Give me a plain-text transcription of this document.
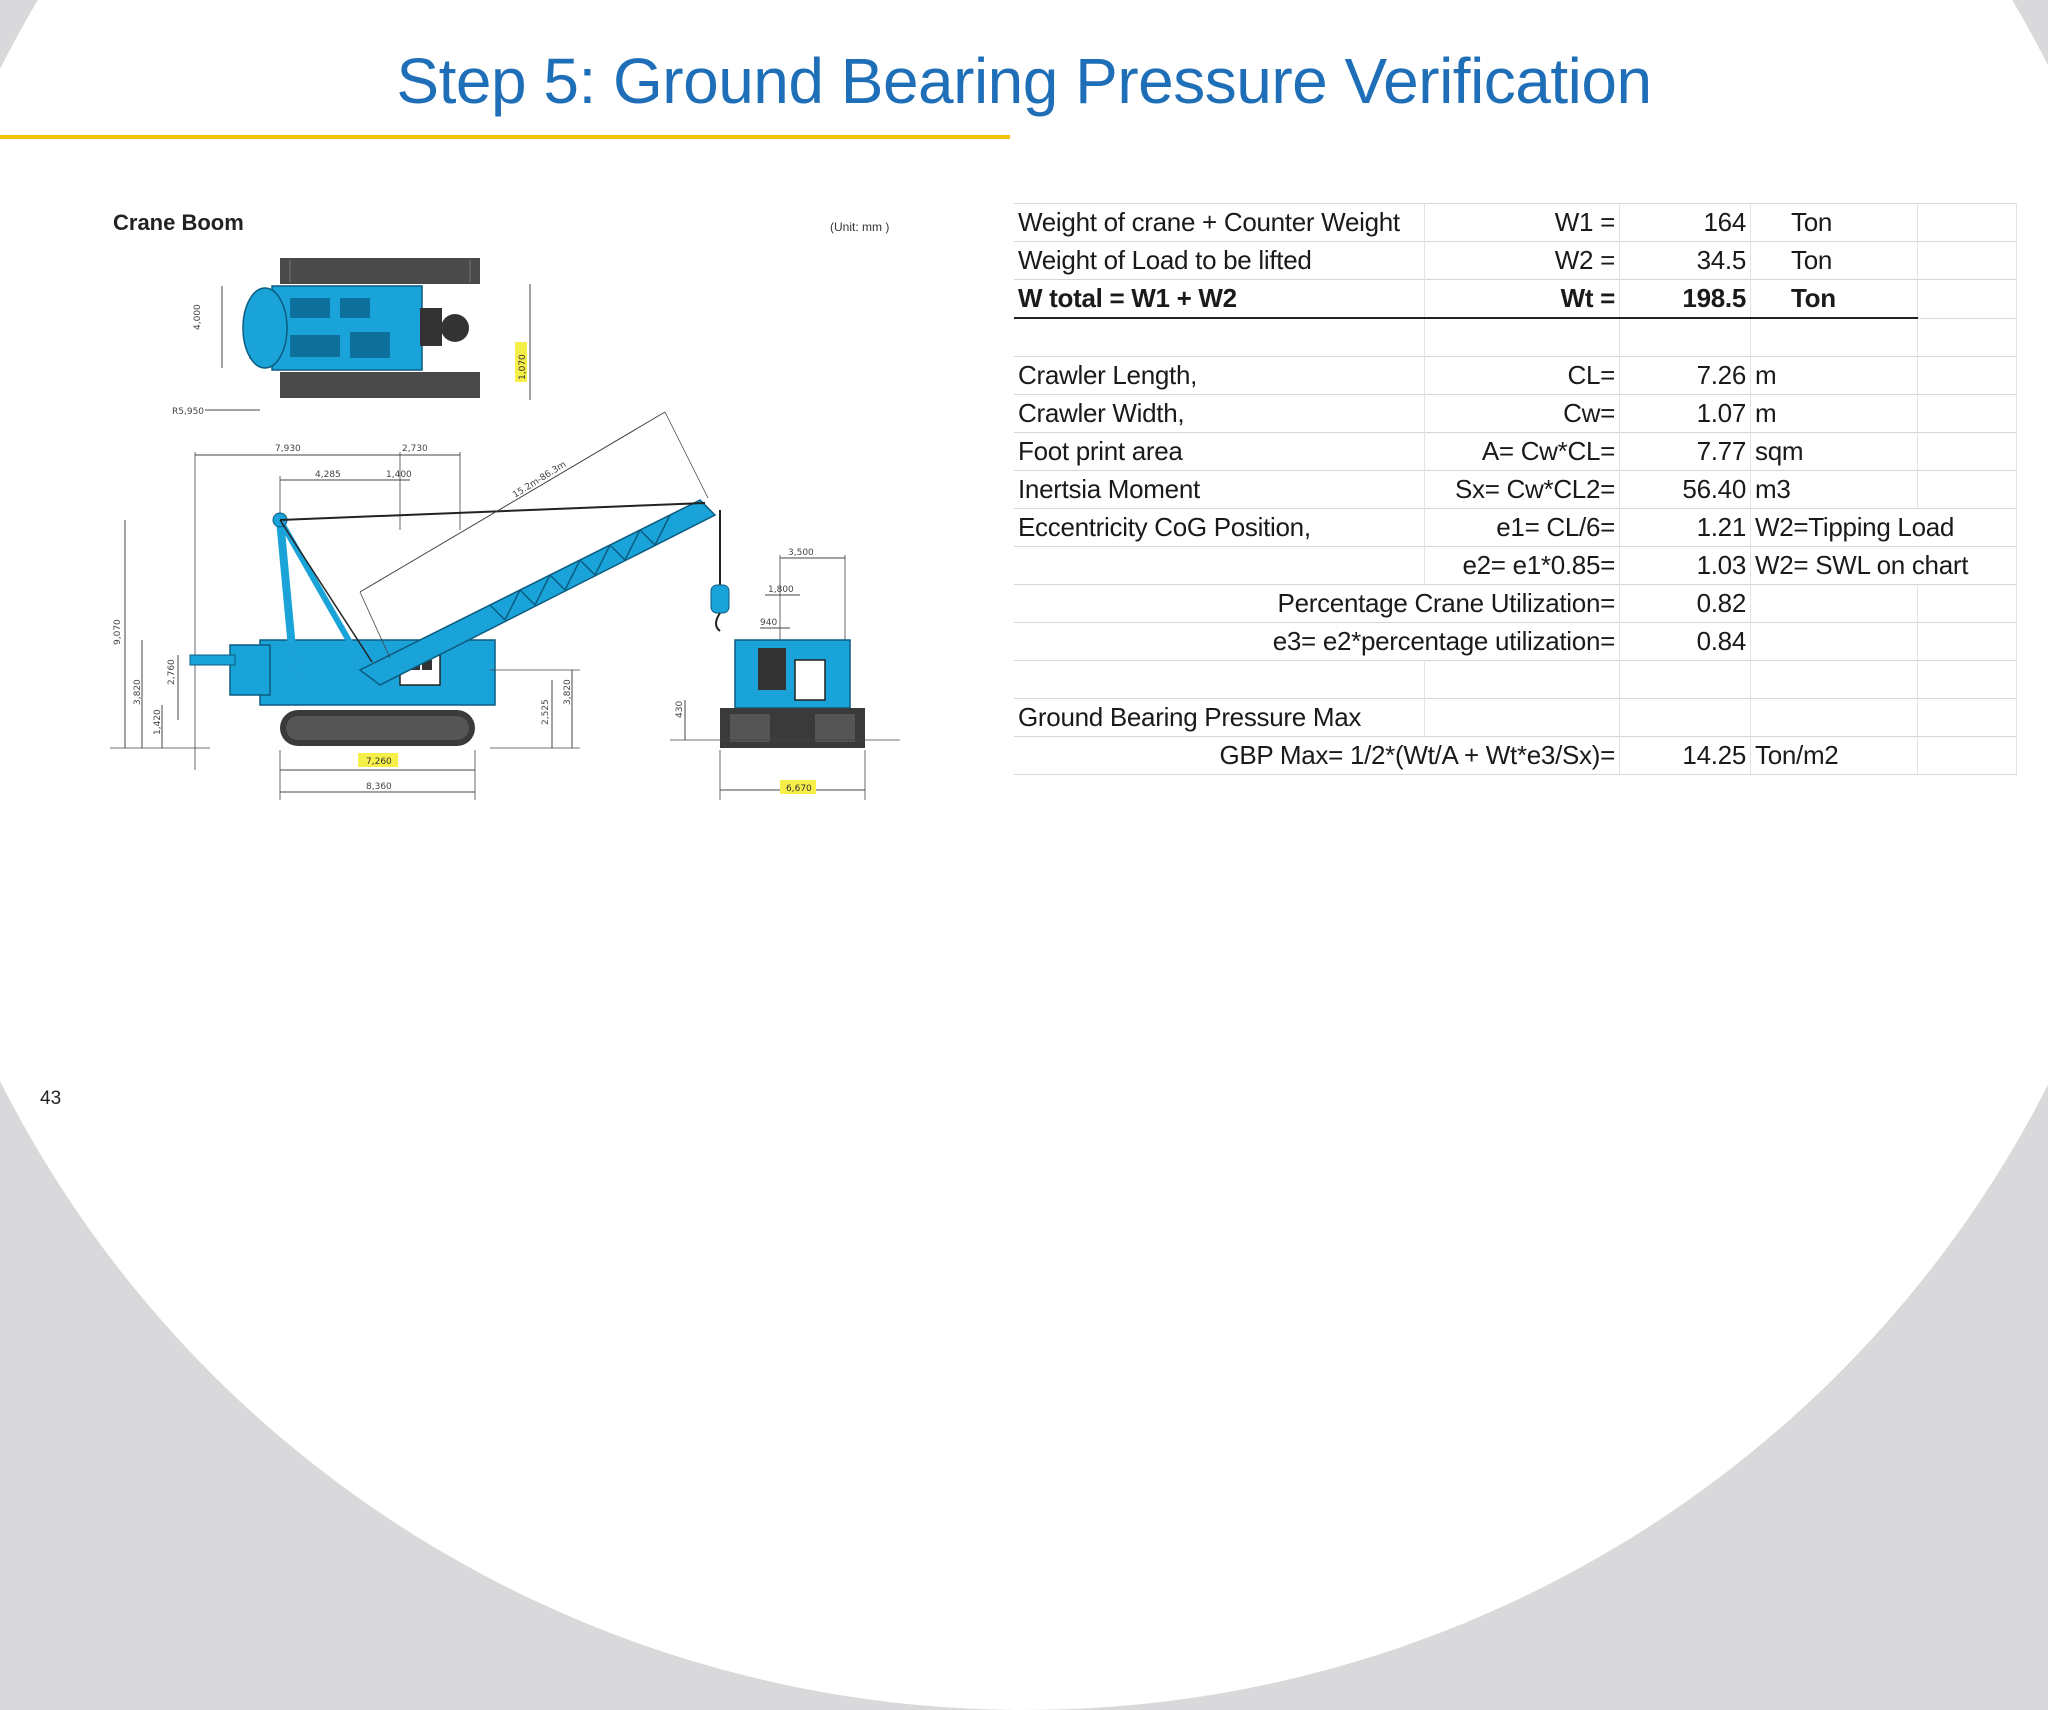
Step 5: Ground Bearing Pressure Verification
Crane Boom	(Unit: mm )
4,000
R5,950
1,070
7,930	2,730
4,285	1,400
9,070
3,820
1,420
2,760
15.2m-86.3m
2,525
3,820
7,260
8,360
3,500
1,800
940
430
6,670
Weight of crane + Counter Weight	W1 =	164	Ton	
Weight of Load to be lifted	W2 =	34.5	Ton	
W total = W1 + W2	Wt =	198.5	Ton	

Crawler Length,	CL=	7.26	m	
Crawler Width,	Cw=	1.07	m	
Foot print area	A= Cw*CL=	7.77	sqm	
Inertsia Moment	Sx= Cw*CL2=	56.40	m3	
Eccentricity CoG Position,	e1= CL/6=	1.21	W2=Tipping Load	
	e2= e1*0.85=	1.03	W2= SWL on chart	
Percentage Crane Utilization=		0.82		
e3= e2*percentage utilization=		0.84		

Ground Bearing Pressure Max				
GBP Max= 1/2*(Wt/A + Wt*e3/Sx)=		14.25	Ton/m2	
43
